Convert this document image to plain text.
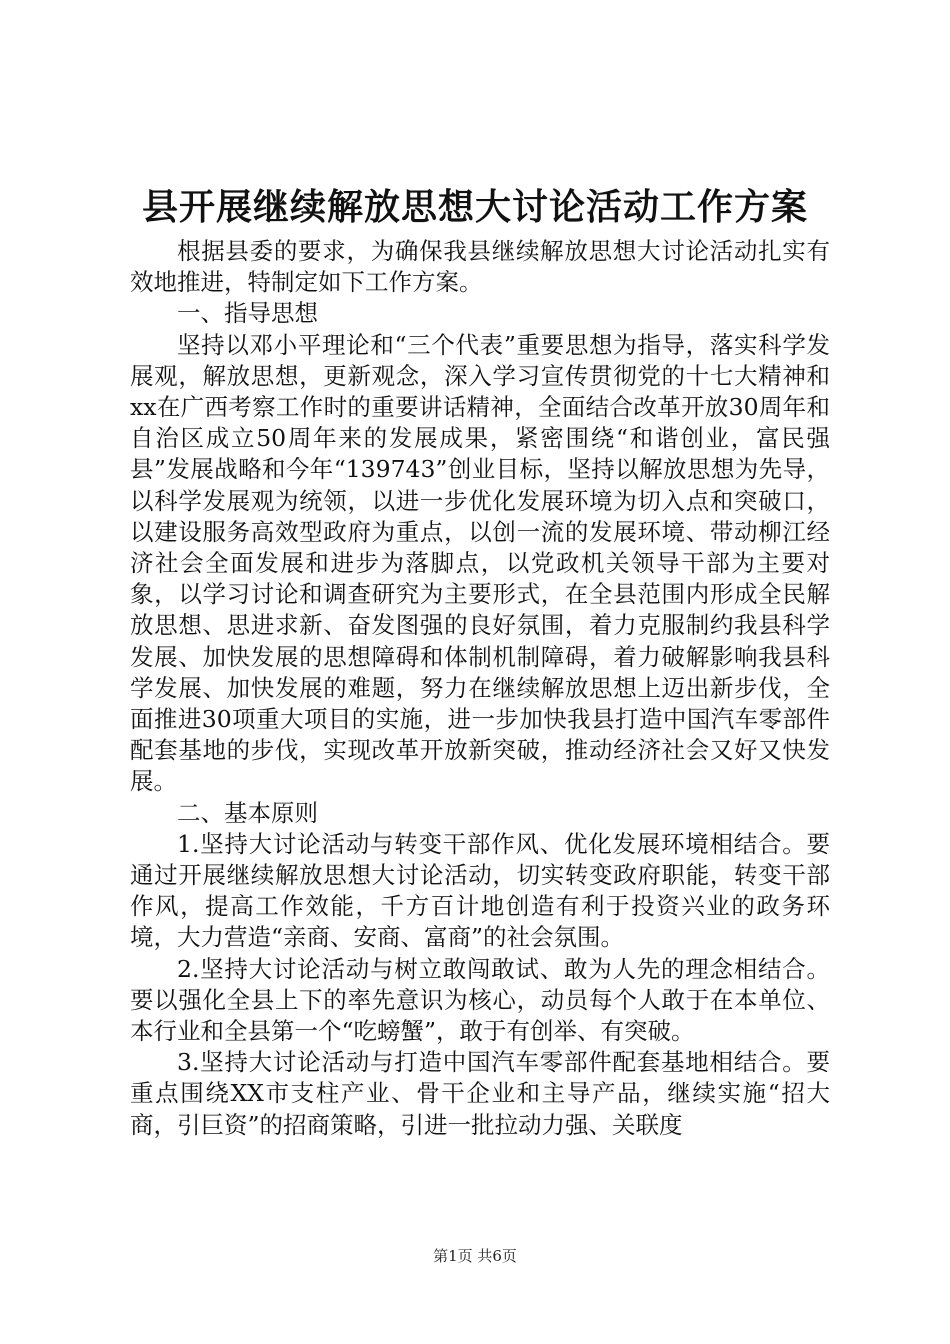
县开展继续解放思想大讨论活动工作方案

根据县委的要求，为确保我县继续解放思想大讨论活动扎实有效地推进，特制定如下工作方案。

一、指导思想

坚持以邓小平理论和“三个代表”重要思想为指导，落实科学发展观，解放思想，更新观念，深入学习宣传贯彻党的十七大精神和xx在广西考察工作时的重要讲话精神，全面结合改革开放30周年和自治区成立50周年来的发展成果，紧密围绕“和谐创业，富民强县”发展战略和今年“139743”创业目标，坚持以解放思想为先导，以科学发展观为统领，以进一步优化发展环境为切入点和突破口，以建设服务高效型政府为重点，以创一流的发展环境、带动柳江经济社会全面发展和进步为落脚点，以党政机关领导干部为主要对象，以学习讨论和调查研究为主要形式，在全县范围内形成全民解放思想、思进求新、奋发图强的良好氛围，着力克服制约我县科学发展、加快发展的思想障碍和体制机制障碍，着力破解影响我县科学发展、加快发展的难题，努力在继续解放思想上迈出新步伐，全面推进30项重大项目的实施，进一步加快我县打造中国汽车零部件配套基地的步伐，实现改革开放新突破，推动经济社会又好又快发展。

二、基本原则

1.坚持大讨论活动与转变干部作风、优化发展环境相结合。要通过开展继续解放思想大讨论活动，切实转变政府职能，转变干部作风，提高工作效能，千方百计地创造有利于投资兴业的政务环境，大力营造“亲商、安商、富商”的社会氛围。

2.坚持大讨论活动与树立敢闯敢试、敢为人先的理念相结合。要以强化全县上下的率先意识为核心，动员每个人敢于在本单位、本行业和全县第一个“吃螃蟹”，敢于有创举、有突破。

3.坚持大讨论活动与打造中国汽车零部件配套基地相结合。要重点围绕XX市支柱产业、骨干企业和主导产品，继续实施“招大商，引巨资”的招商策略，引进一批拉动力强、关联度

第1页 共6页
